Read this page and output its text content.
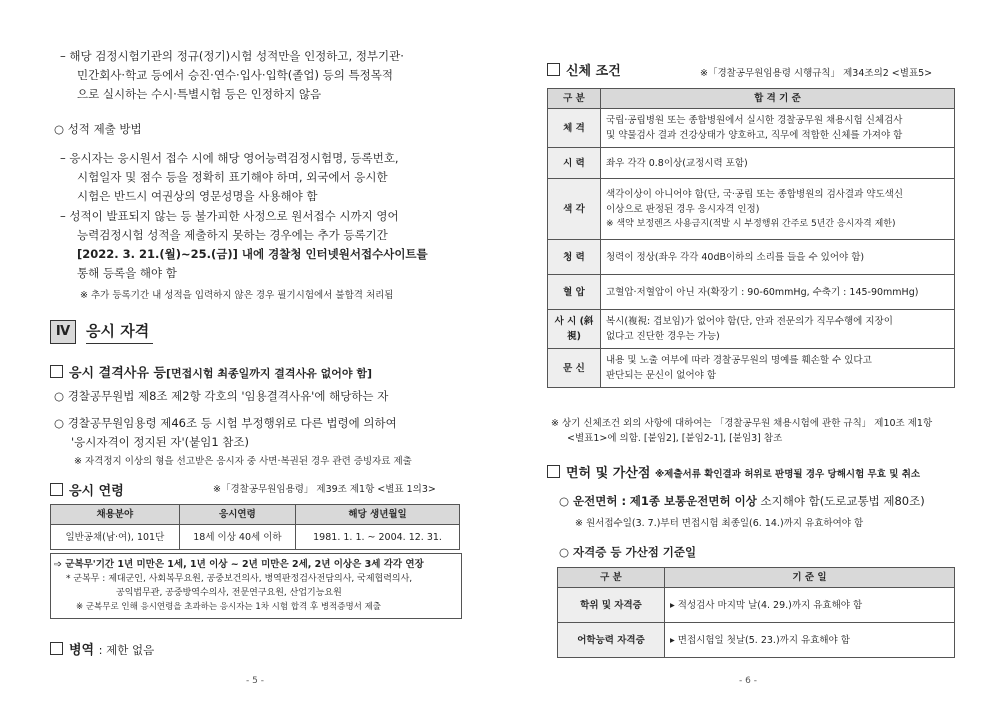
– 해당 검정시험기관의 정규(정기)시험 성적만을 인정하고, 정부기관·
민간회사·학교 등에서 승진·연수·입사·입학(졸업) 등의 특정목적
으로 실시하는 수시·특별시험 등은 인정하지 않음
○ 성적 제출 방법
– 응시자는 응시원서 접수 시에 해당 영어능력검정시험명, 등록번호,
시험일자 및 점수 등을 정확히 표기해야 하며, 외국에서 응시한
시험은 반드시 여권상의 영문성명을 사용해야 함
– 성적이 발표되지 않는 등 불가피한 사정으로 원서접수 시까지 영어
능력검정시험 성적을 제출하지 못하는 경우에는 추가 등록기간
[2022. 3. 21.(월)~25.(금)] 내에 경찰청 인터넷원서접수사이트를
통해 등록을 해야 함
※ 추가 등록기간 내 성적을 입력하지 않은 경우 필기시험에서 불합격 처리됨
Ⅳ	응시 자격
응시 결격사유 등[면접시험 최종일까지 결격사유 없어야 함]
○ 경찰공무원법 제8조 제2항 각호의 '임용결격사유'에 해당하는 자
○ 경찰공무원임용령 제46조 등 시험 부정행위로 다른 법령에 의하여
'응시자격이 정지된 자'(붙임1 참조)
※ 자격정지 이상의 형을 선고받은 응시자 중 사면·복권된 경우 관련 증빙자료 제출
응시 연령	※「경찰공무원임용령」 제39조 제1항 <별표 1의3>
채용분야	응시연령	해당 생년월일
일반공채(남·여), 101단	18세 이상 40세 이하	1981. 1. 1. ~ 2004. 12. 31.
➩ 군복무'기간 1년 미만은 1세, 1년 이상 ~ 2년 미만은 2세, 2년 이상은 3세 각각 연장
* 군복무 : 제대군인, 사회복무요원, 공중보건의사, 병역판정검사전담의사, 국제협력의사,
공익법무관, 공중방역수의사, 전문연구요원, 산업기능요원
※ 군복무로 인해 응시연령을 초과하는 응시자는 1차 시험 합격 후 병적증명서 제출
병역 : 제한 없음
- 5 -
신체 조건	※「경찰공무원임용령 시행규칙」 제34조의2 <별표5>
구 분	합 격 기 준
체 격	국립·공립병원 또는 종합병원에서 실시한 경찰공무원 채용시험 신체검사
및 약물검사 결과 건강상태가 양호하고, 직무에 적합한 신체를 가져야 함

시 력	좌우 각각 0.8이상(교정시력 포함)
색 각	색각이상이 아니어야 함(단, 국·공립 또는 종합병원의 검사결과 약도색신
이상으로 판정된 경우 응시자격 인정)
※ 색약 보정렌즈 사용금지(적발 시 부정행위 간주로 5년간 응시자격 제한)

청 력	청력이 정상(좌우 각각 40dB이하의 소리를 들을 수 있어야 함)
혈 압	고혈압·저혈압이 아닌 자(확장기 : 90-60mmHg, 수축기 : 145-90mmHg)
사 시 (斜 視)	복시(複視: 겹보임)가 없어야 함(단, 안과 전문의가 직무수행에 지장이
없다고 진단한 경우는 가능)

문 신	내용 및 노출 여부에 따라 경찰공무원의 명예를 훼손할 수 있다고
판단되는 문신이 없어야 함
※ 상기 신체조건 외의 사항에 대하여는 「경찰공무원 채용시험에 관한 규칙」 제10조 제1항
<별표1>에 의함. [붙임2], [붙임2-1], [붙임3] 참조
면허 및 가산점 ※제출서류 확인결과 허위로 판명될 경우 당해시험 무효 및 취소
○ 운전면허 : 제1종 보통운전면허 이상 소지해야 함(도로교통법 제80조)
※ 원서접수일(3. 7.)부터 면접시험 최종일(6. 14.)까지 유효하여야 함
○ 자격증 등 가산점 기준일
구 분	기 준 일
학위 및 자격증	▸ 적성검사 마지막 날(4. 29.)까지 유효해야 함
어학능력 자격증	▸ 면접시험일 첫날(5. 23.)까지 유효해야 함
- 6 -
